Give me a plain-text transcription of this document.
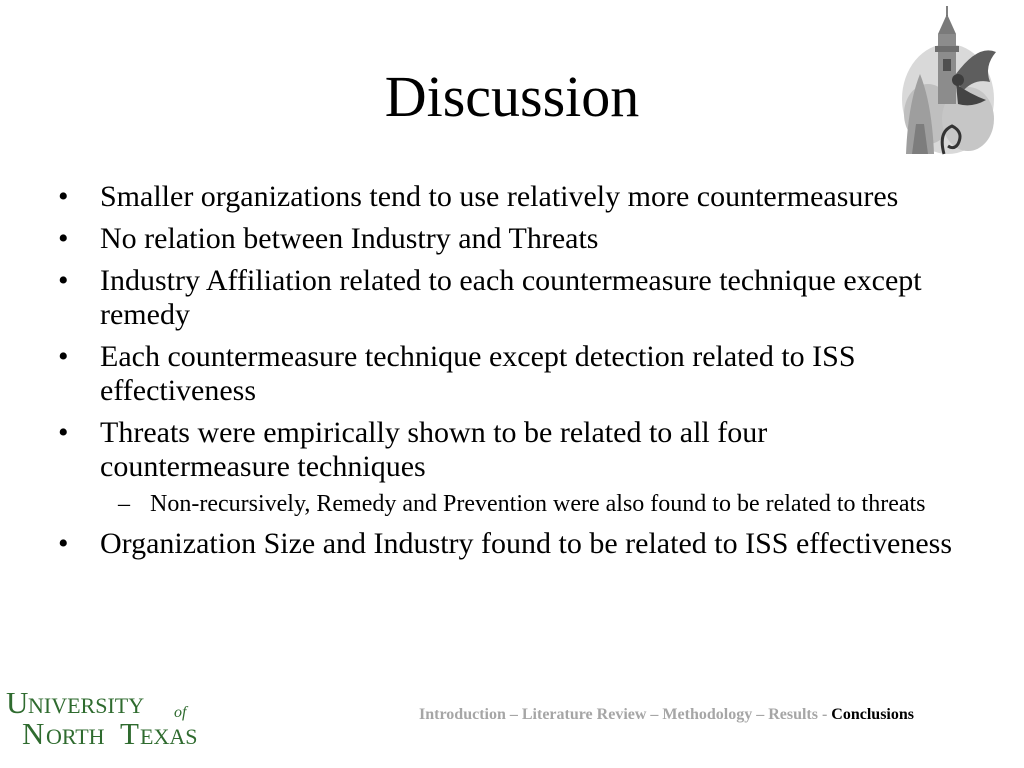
Discussion
• Smaller organizations tend to use relatively more countermeasures
• No relation between Industry and Threats
• Industry Affiliation related to each countermeasure technique except remedy
• Each countermeasure technique except detection related to ISS effectiveness
• Threats were empirically shown to be related to all four countermeasure techniques
– Non-recursively, Remedy and Prevention were also found to be related to threats
• Organization Size and Industry found to be related to ISS effectiveness
U NIVERSITY of
N ORTH T EXAS
Introduction – Literature Review – Methodology – Results - Conclusions
